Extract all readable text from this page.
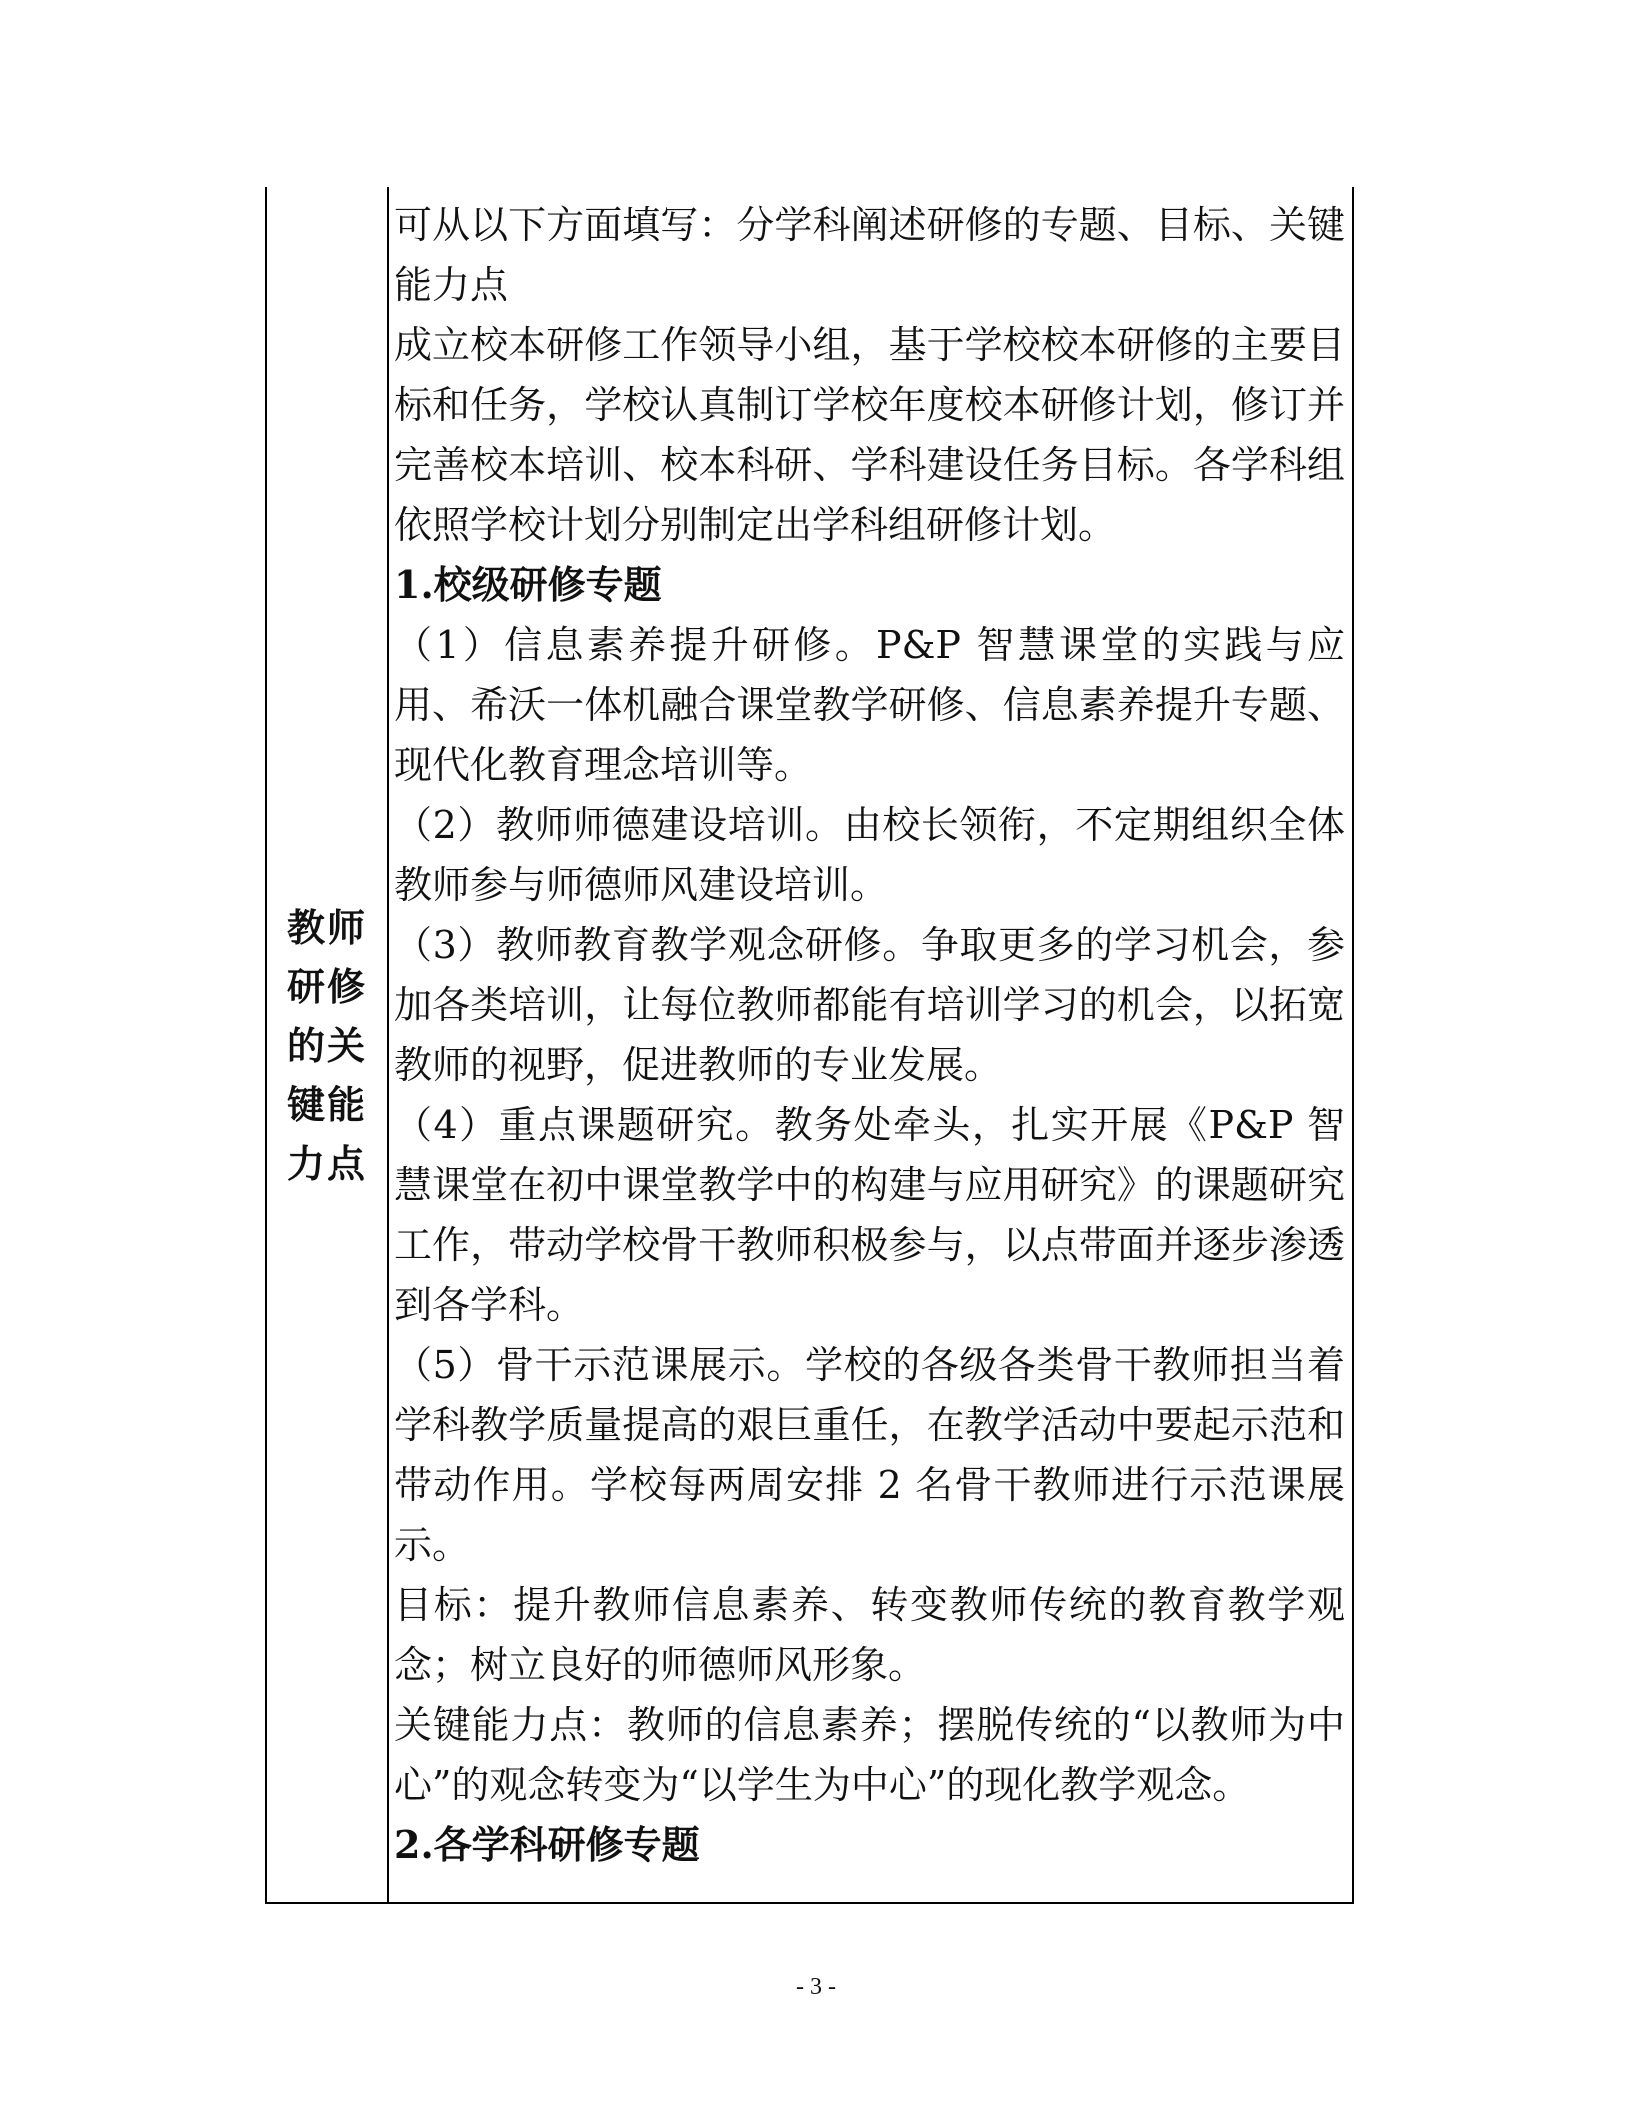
教师研修的关键能力点

可从以下方面填写：分学科阐述研修的专题、目标、关键能力点

成立校本研修工作领导小组，基于学校校本研修的主要目标和任务，学校认真制订学校年度校本研修计划，修订并完善校本培训、校本科研、学科建设任务目标。各学科组依照学校计划分别制定出学科组研修计划。

1.校级研修专题

（1）信息素养提升研修。P&P 智慧课堂的实践与应用、希沃一体机融合课堂教学研修、信息素养提升专题、现代化教育理念培训等。

（2）教师师德建设培训。由校长领衔，不定期组织全体教师参与师德师风建设培训。

（3）教师教育教学观念研修。争取更多的学习机会，参加各类培训，让每位教师都能有培训学习的机会，以拓宽教师的视野，促进教师的专业发展。

（4）重点课题研究。教务处牵头，扎实开展《P&P 智慧课堂在初中课堂教学中的构建与应用研究》的课题研究工作，带动学校骨干教师积极参与，以点带面并逐步渗透到各学科。

（5）骨干示范课展示。学校的各级各类骨干教师担当着学科教学质量提高的艰巨重任，在教学活动中要起示范和带动作用。学校每两周安排 2 名骨干教师进行示范课展示。

目标：提升教师信息素养、转变教师传统的教育教学观念；树立良好的师德师风形象。

关键能力点：教师的信息素养；摆脱传统的“以教师为中心”的观念转变为“以学生为中心”的现化教学观念。

2.各学科研修专题

- 3 -
